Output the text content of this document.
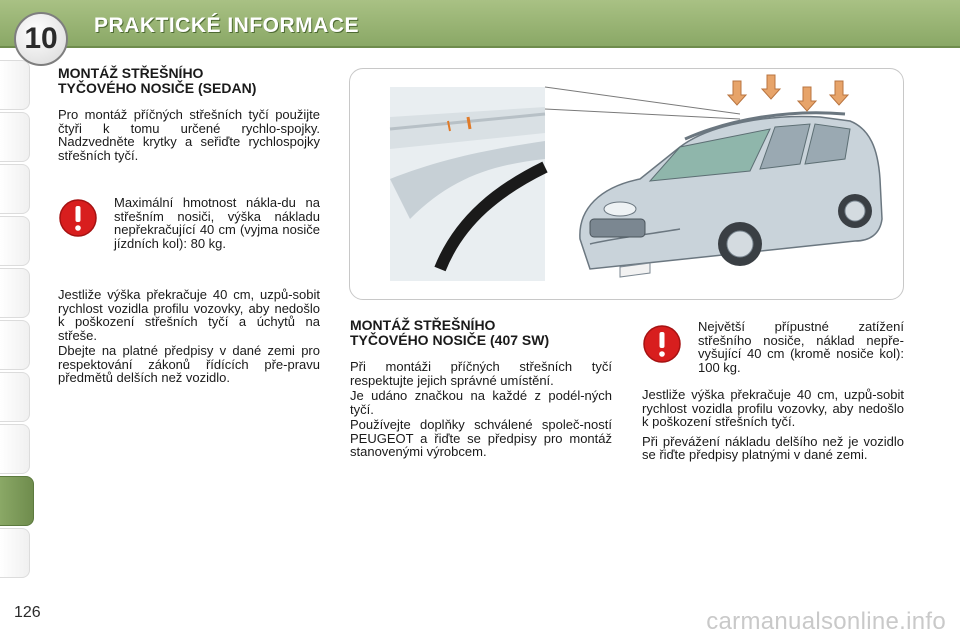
10	PRAKTICKÉ INFORMACE
MONTÁŽ STŘEŠNÍHO
TYČOVÉHO NOSIČE (SEDAN)

Pro montáž příčných střešních tyčí použijte čtyři k tomu určené rychlo-spojky. Nadzvedněte krytky a seřiďte rychlospojky střešních tyčí.

Maximální hmotnost nákla-du na střešním nosiči, výška nákladu nepřekračující 40 cm (vyjma nosiče jízdních kol): 80 kg.

Jestliže výška překračuje 40 cm, uzpů-sobit rychlost vozidla profilu vozovky, aby nedošlo k poškození střešních tyčí a úchytů na střeše.

Dbejte na platné předpisy v dané zemi pro respektování zákonů řídících pře-pravu předmětů delších než vozidlo.

MONTÁŽ STŘEŠNÍHO
TYČOVÉHO NOSIČE (407 SW)

Při montáži příčných střešních tyčí respektujte jejich správné umístění.

Je udáno značkou na každé z podél-ných tyčí.

Používejte doplňky schválené společ-ností PEUGEOT a řiďte se předpisy pro montáž stanovenými výrobcem.

Největší přípustné zatížení střešního nosiče, náklad nepře-vyšující 40 cm (kromě nosiče kol): 100 kg.

Jestliže výška překračuje 40 cm, uzpů-sobit rychlost vozidla profilu vozovky, aby nedošlo k poškození střešních tyčí.

Při převážení nákladu delšího než je vozidlo se řiďte předpisy platnými v dané zemi.

126	carmanualsonline.info
